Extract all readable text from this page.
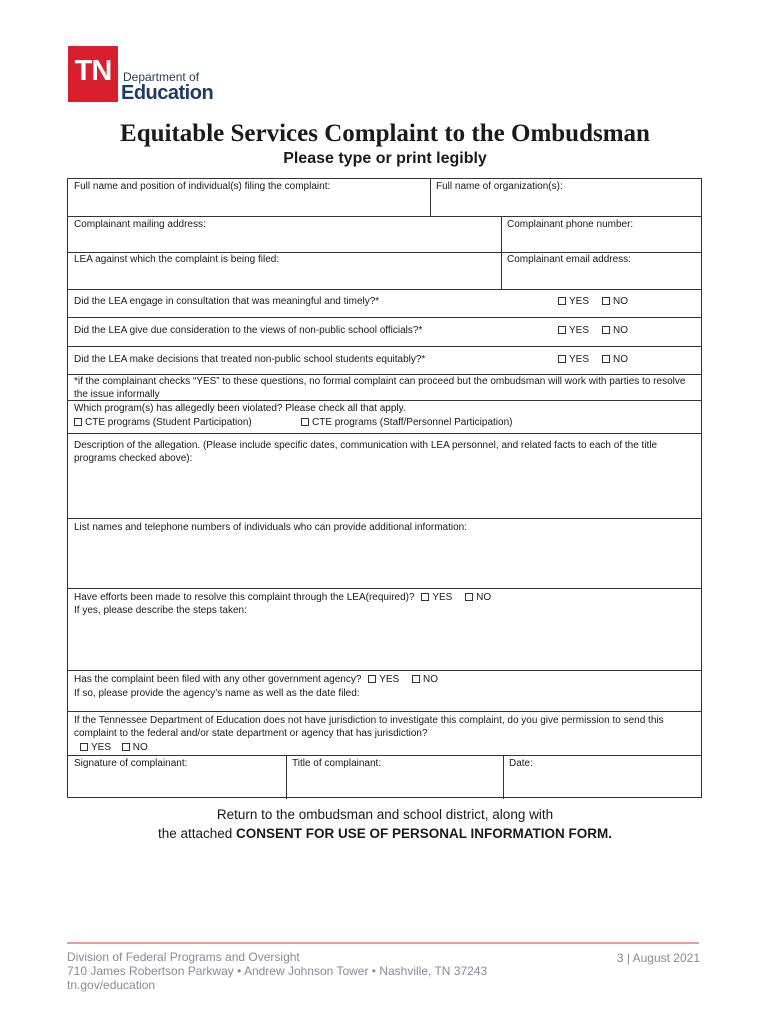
TN Department of
Education
Equitable Services Complaint to the Ombudsman
Please type or print legibly
Full name and position of individual(s) filing the complaint:	Full name of organization(s):
Complainant mailing address:	Complainant phone number:
LEA against which the complaint is being filed:	Complainant email address:
Did the LEA engage in consultation that was meaningful and timely?*	YES	NO
Did the LEA give due consideration to the views of non-public school officials?*	YES	NO
Did the LEA make decisions that treated non-public school students equitably?*	YES	NO
*if the complainant checks “YES” to these questions, no formal complaint can proceed but the ombudsman will work with parties to resolve the issue informally
Which program(s) has allegedly been violated? Please check all that apply.
CTE programs (Student Participation)	CTE programs (Staff/Personnel Participation)
Description of the allegation. (Please include specific dates, communication with LEA personnel, and related facts to each of the title programs checked above):
List names and telephone numbers of individuals who can provide additional information:
Have efforts been made to resolve this complaint through the LEA(required)? YES NO
If yes, please describe the steps taken:
Has the complaint been filed with any other government agency? YES NO
If so, please provide the agency’s name as well as the date filed:
If the Tennessee Department of Education does not have jurisdiction to investigate this complaint, do you give permission to send this complaint to the federal and/or state department or agency that has jurisdiction?
YES NO
Signature of complainant:	Title of complainant:	Date:
Return to the ombudsman and school district, along with
the attached CONSENT FOR USE OF PERSONAL INFORMATION FORM.
Division of Federal Programs and Oversight
710 James Robertson Parkway • Andrew Johnson Tower • Nashville, TN 37243
tn.gov/education
3 | August 2021
